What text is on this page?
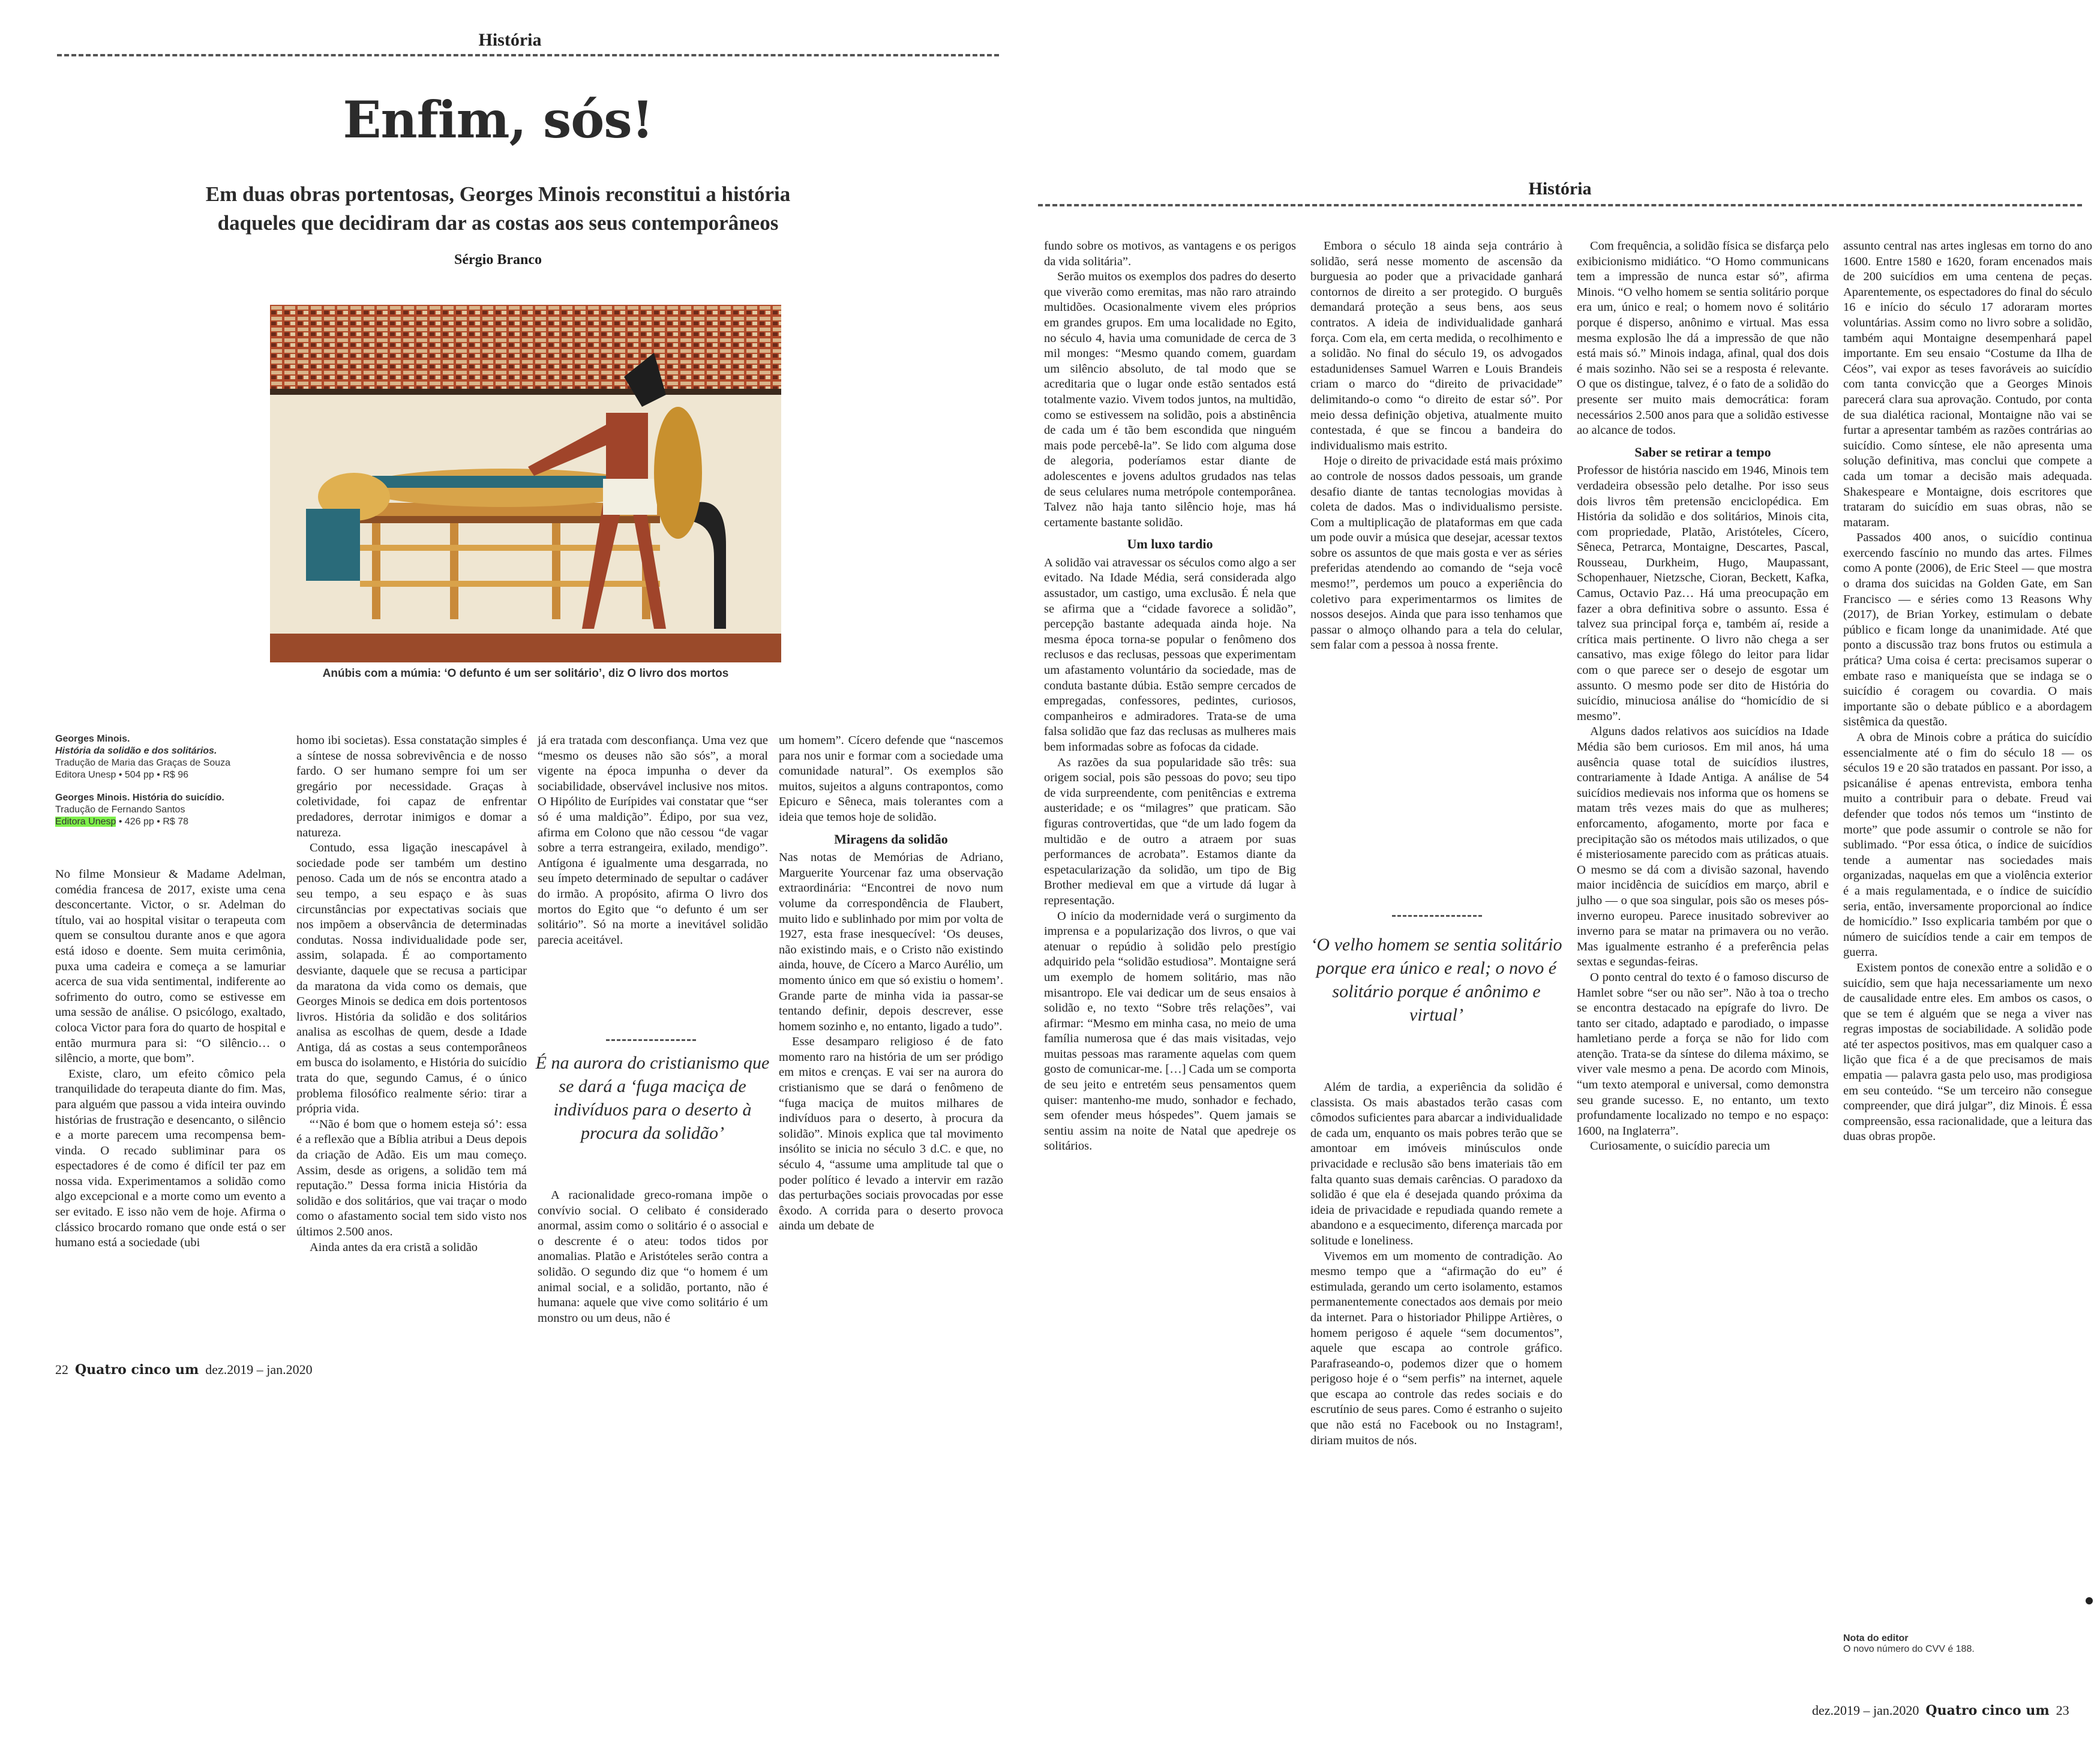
História
Enfim, sós!
Em duas obras portentosas, Georges Minois reconstitui a história daqueles que decidiram dar as costas aos seus contemporâneos
Sérgio Branco
Anúbis com a múmia: ‘O defunto é um ser solitário’, diz O livro dos mortos
Georges Minois.
História da solidão e dos solitários.
Tradução de Maria das Graças de Souza
Editora Unesp • 504 pp • R$ 96
Georges Minois. História do suicídio.
Tradução de Fernando Santos
Editora Unesp • 426 pp • R$ 78

No filme Monsieur & Madame Adelman, comédia francesa de 2017, existe uma cena desconcertante. Victor, o sr. Adelman do título, vai ao hospital visitar o terapeuta com quem se consultou durante anos e que agora está idoso e doente. Sem muita cerimônia, puxa uma cadeira e começa a se lamuriar acerca de sua vida sentimental, indiferente ao sofrimento do outro, como se estivesse em uma sessão de análise. O psicólogo, exaltado, coloca Victor para fora do quarto de hospital e então murmura para si: “O silêncio… o silêncio, a morte, que bom”.

Existe, claro, um efeito cômico pela tranquilidade do terapeuta diante do fim. Mas, para alguém que passou a vida inteira ouvindo histórias de frustração e desencanto, o silêncio e a morte parecem uma recompensa bem-vinda. O recado subliminar para os espectadores é de como é difícil ter paz em nossa vida. Experimentamos a solidão como algo excepcional e a morte como um evento a ser evitado. E isso não vem de hoje. Afirma o clássico brocardo romano que onde está o ser humano está a sociedade (ubi

homo ibi societas). Essa constatação simples é a síntese de nossa sobrevivência e de nosso fardo. O ser humano sempre foi um ser gregário por necessidade. Graças à coletividade, foi capaz de enfrentar predadores, derrotar inimigos e domar a natureza.

Contudo, essa ligação inescapável à sociedade pode ser também um destino penoso. Cada um de nós se encontra atado a seu tempo, a seu espaço e às suas circunstâncias por expectativas sociais que nos impõem a observância de determinadas condutas. Nossa individualidade pode ser, assim, solapada. É ao comportamento desviante, daquele que se recusa a participar da maratona da vida como os demais, que Georges Minois se dedica em dois portentosos livros. História da solidão e dos solitários analisa as escolhas de quem, desde a Idade Antiga, dá as costas a seus contemporâneos em busca do isolamento, e História do suicídio trata do que, segundo Camus, é o único problema filosófico realmente sério: tirar a própria vida.

“‘Não é bom que o homem esteja só’: essa é a reflexão que a Bíblia atribui a Deus depois da criação de Adão. Eis um mau começo. Assim, desde as origens, a solidão tem má reputação.” Dessa forma inicia História da solidão e dos solitários, que vai traçar o modo como o afastamento social tem sido visto nos últimos 2.500 anos.

Ainda antes da era cristã a solidão

já era tratada com desconfiança. Uma vez que “mesmo os deuses não são sós”, a moral vigente na época impunha o dever da sociabilidade, observável inclusive nos mitos. O Hipólito de Eurípides vai constatar que “ser só é uma maldição”. Édipo, por sua vez, afirma em Colono que não cessou “de vagar sobre a terra estrangeira, exilado, mendigo”. Antígona é igualmente uma desgarrada, no seu ímpeto determinado de sepultar o cadáver do irmão. A propósito, afirma O livro dos mortos do Egito que “o defunto é um ser solitário”. Só na morte a inevitável solidão parecia aceitável.

É na aurora do cristianismo que se dará a ‘fuga maciça de indivíduos para o deserto à procura da solidão’

A racionalidade greco-romana impõe o convívio social. O celibato é considerado anormal, assim como o solitário é o associal e o descrente é o ateu: todos tidos por anomalias. Platão e Aristóteles serão contra a solidão. O segundo diz que “o homem é um animal social, e a solidão, portanto, não é humana: aquele que vive como solitário é um monstro ou um deus, não é

um homem”. Cícero defende que “nascemos para nos unir e formar com a sociedade uma comunidade natural”. Os exemplos são muitos, sujeitos a alguns contrapontos, como Epicuro e Sêneca, mais tolerantes com a ideia que temos hoje de solidão.

Miragens da solidão

Nas notas de Memórias de Adriano, Marguerite Yourcenar faz uma observação extraordinária: “Encontrei de novo num volume da correspondência de Flaubert, muito lido e sublinhado por mim por volta de 1927, esta frase inesquecível: ‘Os deuses, não existindo mais, e o Cristo não existindo ainda, houve, de Cícero a Marco Aurélio, um momento único em que só existiu o homem’. Grande parte de minha vida ia passar-se tentando definir, depois descrever, esse homem sozinho e, no entanto, ligado a tudo”.

Esse desamparo religioso é de fato momento raro na história de um ser pródigo em mitos e crenças. E vai ser na aurora do cristianismo que se dará o fenômeno de “fuga maciça de muitos milhares de indivíduos para o deserto, à procura da solidão”. Minois explica que tal movimento insólito se inicia no século 3 d.C. e que, no século 4, “assume uma amplitude tal que o poder político é levado a intervir em razão das perturbações sociais provocadas por esse êxodo. A corrida para o deserto provoca ainda um debate de

22 Quatro cinco um dez.2019 – jan.2020
História

fundo sobre os motivos, as vantagens e os perigos da vida solitária”.

Serão muitos os exemplos dos padres do deserto que viverão como eremitas, mas não raro atraindo multidões. Ocasionalmente vivem eles próprios em grandes grupos. Em uma localidade no Egito, no século 4, havia uma comunidade de cerca de 3 mil monges: “Mesmo quando comem, guardam um silêncio absoluto, de tal modo que se acreditaria que o lugar onde estão sentados está totalmente vazio. Vivem todos juntos, na multidão, como se estivessem na solidão, pois a abstinência de cada um é tão bem escondida que ninguém mais pode percebê-la”. Se lido com alguma dose de alegoria, poderíamos estar diante de adolescentes e jovens adultos grudados nas telas de seus celulares numa metrópole contemporânea. Talvez não haja tanto silêncio hoje, mas há certamente bastante solidão.

Um luxo tardio

A solidão vai atravessar os séculos como algo a ser evitado. Na Idade Média, será considerada algo assustador, um castigo, uma exclusão. É nela que se afirma que a “cidade favorece a solidão”, percepção bastante adequada ainda hoje. Na mesma época torna-se popular o fenômeno dos reclusos e das reclusas, pessoas que experimentam um afastamento voluntário da sociedade, mas de conduta bastante dúbia. Estão sempre cercados de empregadas, confessores, pedintes, curiosos, companheiros e admiradores. Trata-se de uma falsa solidão que faz das reclusas as mulheres mais bem informadas sobre as fofocas da cidade.

As razões da sua popularidade são três: sua origem social, pois são pessoas do povo; seu tipo de vida surpreendente, com penitências e extrema austeridade; e os “milagres” que praticam. São figuras controvertidas, que “de um lado fogem da multidão e de outro a atraem por suas performances de acrobata”. Estamos diante da espetacularização da solidão, um tipo de Big Brother medieval em que a virtude dá lugar à representação.

O início da modernidade verá o surgimento da imprensa e a popularização dos livros, o que vai atenuar o repúdio à solidão pelo prestígio adquirido pela “solidão estudiosa”. Montaigne será um exemplo de homem solitário, mas não misantropo. Ele vai dedicar um de seus ensaios à solidão e, no texto “Sobre três relações”, vai afirmar: “Mesmo em minha casa, no meio de uma família numerosa que é das mais visitadas, vejo muitas pessoas mas raramente aquelas com quem gosto de comunicar-me. […] Cada um se comporta de seu jeito e entretém seus pensamentos quem quiser: mantenho-me mudo, sonhador e fechado, sem ofender meus hóspedes”. Quem jamais se sentiu assim na noite de Natal que apedreje os solitários.

Embora o século 18 ainda seja contrário à solidão, será nesse momento de ascensão da burguesia ao poder que a privacidade ganhará contornos de direito a ser protegido. O burguês demandará proteção a seus bens, aos seus contratos. A ideia de individualidade ganhará força. Com ela, em certa medida, o recolhimento e a solidão. No final do século 19, os advogados estadunidenses Samuel Warren e Louis Brandeis criam o marco do “direito de privacidade” delimitando-o como “o direito de estar só”. Por meio dessa definição objetiva, atualmente muito contestada, é que se fincou a bandeira do individualismo mais estrito.

Hoje o direito de privacidade está mais próximo ao controle de nossos dados pessoais, um grande desafio diante de tantas tecnologias movidas à coleta de dados. Mas o individualismo persiste. Com a multiplicação de plataformas em que cada um pode ouvir a música que desejar, acessar textos sobre os assuntos de que mais gosta e ver as séries preferidas atendendo ao comando de “seja você mesmo!”, perdemos um pouco a experiência do coletivo para experimentarmos os limites de nossos desejos. Ainda que para isso tenhamos que passar o almoço olhando para a tela do celular, sem falar com a pessoa à nossa frente.

‘O velho homem se sentia solitário porque era único e real; o novo é solitário porque é anônimo e virtual’

Além de tardia, a experiência da solidão é classista. Os mais abastados terão casas com cômodos suficientes para abarcar a individualidade de cada um, enquanto os mais pobres terão que se amontoar em imóveis minúsculos onde privacidade e reclusão são bens imateriais tão em falta quanto suas demais carências. O paradoxo da solidão é que ela é desejada quando próxima da ideia de privacidade e repudiada quando remete a abandono e a esquecimento, diferença marcada por solitude e loneliness.

Vivemos em um momento de contradição. Ao mesmo tempo que a “afirmação do eu” é estimulada, gerando um certo isolamento, estamos permanentemente conectados aos demais por meio da internet. Para o historiador Philippe Artières, o homem perigoso é aquele “sem documentos”, aquele que escapa ao controle gráfico. Parafraseando-o, podemos dizer que o homem perigoso hoje é o “sem perfis” na internet, aquele que escapa ao controle das redes sociais e do escrutínio de seus pares. Como é estranho o sujeito que não está no Facebook ou no Instagram!, diriam muitos de nós.

Com frequência, a solidão física se disfarça pelo exibicionismo midiático. “O Homo communicans tem a impressão de nunca estar só”, afirma Minois. “O velho homem se sentia solitário porque era um, único e real; o homem novo é solitário porque é disperso, anônimo e virtual. Mas essa mesma explosão lhe dá a impressão de que não está mais só.” Minois indaga, afinal, qual dos dois é mais sozinho. Não sei se a resposta é relevante. O que os distingue, talvez, é o fato de a solidão do presente ser muito mais democrática: foram necessários 2.500 anos para que a solidão estivesse ao alcance de todos.

Saber se retirar a tempo

Professor de história nascido em 1946, Minois tem verdadeira obsessão pelo detalhe. Por isso seus dois livros têm pretensão enciclopédica. Em História da solidão e dos solitários, Minois cita, com propriedade, Platão, Aristóteles, Cícero, Sêneca, Petrarca, Montaigne, Descartes, Pascal, Rousseau, Durkheim, Hugo, Maupassant, Schopenhauer, Nietzsche, Cioran, Beckett, Kafka, Camus, Octavio Paz… Há uma preocupação em fazer a obra definitiva sobre o assunto. Essa é talvez sua principal força e, também aí, reside a crítica mais pertinente. O livro não chega a ser cansativo, mas exige fôlego do leitor para lidar com o que parece ser o desejo de esgotar um assunto. O mesmo pode ser dito de História do suicídio, minuciosa análise do “homicídio de si mesmo”.

Alguns dados relativos aos suicídios na Idade Média são bem curiosos. Em mil anos, há uma ausência quase total de suicídios ilustres, contrariamente à Idade Antiga. A análise de 54 suicídios medievais nos informa que os homens se matam três vezes mais do que as mulheres; enforcamento, afogamento, morte por faca e precipitação são os métodos mais utilizados, o que é misteriosamente parecido com as práticas atuais. O mesmo se dá com a divisão sazonal, havendo maior incidência de suicídios em março, abril e julho — o que soa singular, pois são os meses pós-inverno europeu. Parece inusitado sobreviver ao inverno para se matar na primavera ou no verão. Mas igualmente estranho é a preferência pelas sextas e segundas-feiras.

O ponto central do texto é o famoso discurso de Hamlet sobre “ser ou não ser”. Não à toa o trecho se encontra destacado na epígrafe do livro. De tanto ser citado, adaptado e parodiado, o impasse hamletiano perde a força se não for lido com atenção. Trata-se da síntese do dilema máximo, se viver vale mesmo a pena. De acordo com Minois, “um texto atemporal e universal, como demonstra seu grande sucesso. E, no entanto, um texto profundamente localizado no tempo e no espaço: 1600, na Inglaterra”.

Curiosamente, o suicídio parecia um

assunto central nas artes inglesas em torno do ano 1600. Entre 1580 e 1620, foram encenados mais de 200 suicídios em uma centena de peças. Aparentemente, os espectadores do final do século 16 e início do século 17 adoraram mortes voluntárias. Assim como no livro sobre a solidão, também aqui Montaigne desempenhará papel importante. Em seu ensaio “Costume da Ilha de Céos”, vai expor as teses favoráveis ao suicídio com tanta convicção que a Georges Minois parecerá clara sua aprovação. Contudo, por conta de sua dialética racional, Montaigne não vai se furtar a apresentar também as razões contrárias ao suicídio. Como síntese, ele não apresenta uma solução definitiva, mas conclui que compete a cada um tomar a decisão mais adequada. Shakespeare e Montaigne, dois escritores que trataram do suicídio em suas obras, não se mataram.

Passados 400 anos, o suicídio continua exercendo fascínio no mundo das artes. Filmes como A ponte (2006), de Eric Steel — que mostra o drama dos suicidas na Golden Gate, em San Francisco — e séries como 13 Reasons Why (2017), de Brian Yorkey, estimulam o debate público e ficam longe da unanimidade. Até que ponto a discussão traz bons frutos ou estimula a prática? Uma coisa é certa: precisamos superar o embate raso e maniqueísta que se indaga se o suicídio é coragem ou covardia. O mais importante são o debate público e a abordagem sistêmica da questão.

A obra de Minois cobre a prática do suicídio essencialmente até o fim do século 18 — os séculos 19 e 20 são tratados en passant. Por isso, a psicanálise é apenas entrevista, embora tenha muito a contribuir para o debate. Freud vai defender que todos nós temos um “instinto de morte” que pode assumir o controle se não for sublimado. “Por essa ótica, o índice de suicídios tende a aumentar nas sociedades mais organizadas, naquelas em que a violência exterior é a mais regulamentada, e o índice de suicídio seria, então, inversamente proporcional ao índice de homicídio.” Isso explicaria também por que o número de suicídios tende a cair em tempos de guerra.

Existem pontos de conexão entre a solidão e o suicídio, sem que haja necessariamente um nexo de causalidade entre eles. Em ambos os casos, o que se tem é alguém que se nega a viver nas regras impostas de sociabilidade. A solidão pode até ter aspectos positivos, mas em qualquer caso a lição que fica é a de que precisamos de mais empatia — palavra gasta pelo uso, mas prodigiosa em seu conteúdo. “Se um terceiro não consegue compreender, que dirá julgar”, diz Minois. É essa compreensão, essa racionalidade, que a leitura das duas obras propõe.

Nota do editor
O novo número do CVV é 188.
dez.2019 – jan.2020 Quatro cinco um 23
